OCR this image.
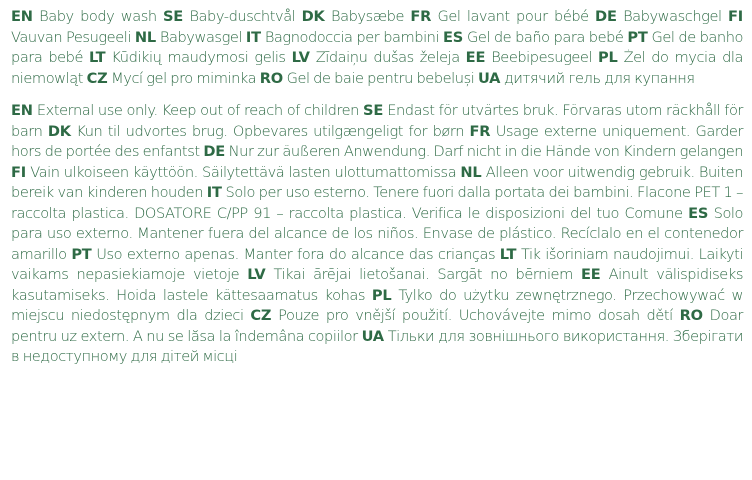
EN Baby body wash SE Baby-duschtvål DK Babysæbe FR Gel lavant pour bébé DE Babywaschgel FI Vauvan Pesugeeli NL Babywasgel IT Bagnodoccia per bambini ES Gel de baño para bebé PT Gel de banho para bebé LT Kūdikių maudymosi gelis LV Zīdaiņu dušas želeja EE Beebipesugeel PL Żel do mycia dla niemowląt CZ Mycí gel pro miminka RO Gel de baie pentru bebeluși UA дитячий гель для купання

EN External use only. Keep out of reach of children SE Endast för utvärtes bruk. Förvaras utom räckhåll för barn DK Kun til udvortes brug. Opbevares utilgængeligt for børn FR Usage externe uniquement. Garder hors de portée des enfantst DE Nur zur äußeren Anwendung. Darf nicht in die Hände von Kindern gelangen FI Vain ulkoiseen käyttöön. Säilytettävä lasten ulottumattomissa NL Alleen voor uitwendig gebruik. Buiten bereik van kinderen houden IT Solo per uso esterno. Tenere fuori dalla portata dei bambini. Flacone PET 1 – raccolta plastica. DOSATORE C/PP 91 – raccolta plastica. Verifica le disposizioni del tuo Comune ES Solo para uso externo. Mantener fuera del alcance de los niños. Envase de plástico. Recíclalo en el contenedor amarillo PT Uso externo apenas. Manter fora do alcance das crianças LT Tik išoriniam naudojimui. Laikyti vaikams nepasiekiamoje vietoje LV Tikai ārējai lietošanai. Sargāt no bērniem EE Ainult välispidiseks kasutamiseks. Hoida lastele kättesaamatus kohas PL Tylko do użytku zewnętrznego. Przechowywać w miejscu niedostępnym dla dzieci CZ Pouze pro vnější použití. Uchovávejte mimo dosah dětí RO Doar pentru uz extern. A nu se lăsa la îndemâna copiilor UA Тільки для зовнішнього використання. Зберігати в недоступному для дітей місці
